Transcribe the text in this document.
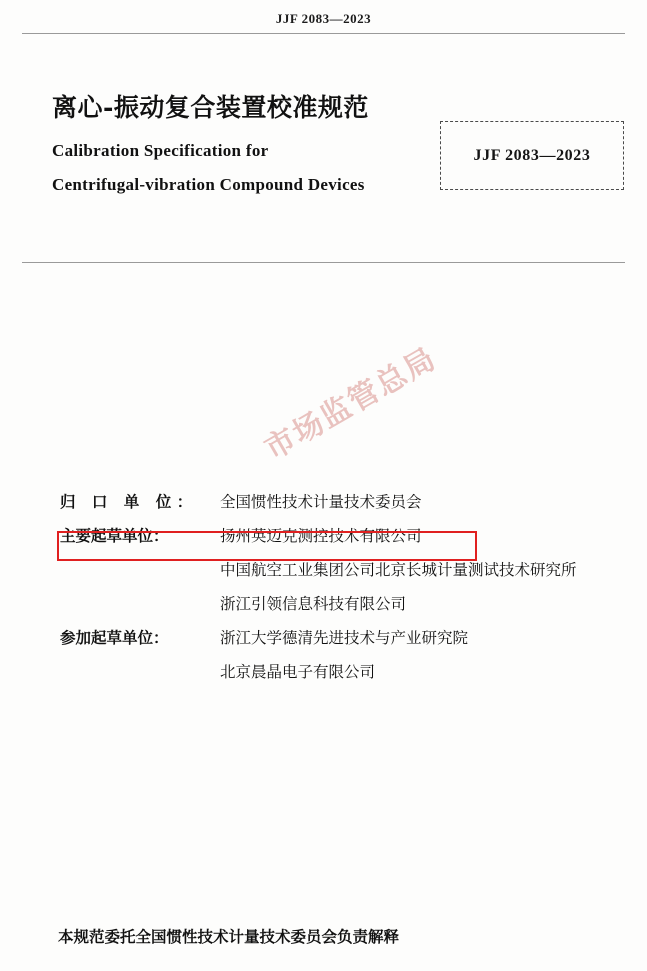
JJF 2083—2023
离心-振动复合装置校准规范
Calibration Specification for
Centrifugal-vibration Compound Devices
JJF 2083—2023
市场监管总局
归 口 单 位：	全国惯性技术计量技术委员会
主要起草单位：	扬州英迈克测控技术有限公司
中国航空工业集团公司北京长城计量测试技术研究所
浙江引领信息科技有限公司
参加起草单位：	浙江大学德清先进技术与产业研究院
北京晨晶电子有限公司
本规范委托全国惯性技术计量技术委员会负责解释
